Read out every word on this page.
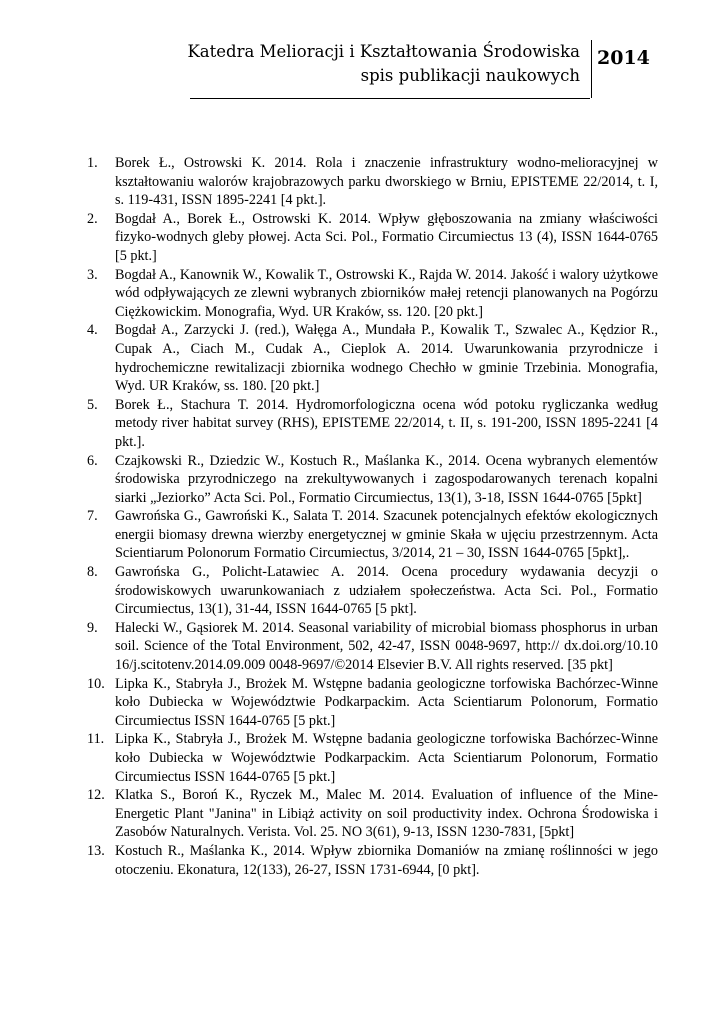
Katedra Melioracji i Kształtowania Środowiska
spis publikacji naukowych
2014
1.	Borek Ł., Ostrowski K. 2014. Rola i znaczenie infrastruktury wodno-melioracyjnej w kształtowaniu walorów krajobrazowych parku dworskiego w Brniu, EPISTEME 22/2014, t. I, s. 119-431, ISSN 1895-2241 [4 pkt.].
2.	Bogdał A., Borek Ł., Ostrowski K. 2014. Wpływ głęboszowania na zmiany właściwości fizyko-wodnych gleby płowej. Acta Sci. Pol., Formatio Circumiectus 13 (4), ISSN 1644-0765 [5 pkt.]
3.	Bogdał A., Kanownik W., Kowalik T., Ostrowski K., Rajda W. 2014. Jakość i walory użytkowe wód odpływających ze zlewni wybranych zbiorników małej retencji planowanych na Pogórzu Ciężkowickim. Monografia, Wyd. UR Kraków, ss. 120. [20 pkt.]
4.	Bogdał A., Zarzycki J. (red.), Wałęga A., Mundała P., Kowalik T., Szwalec A., Kędzior R., Cupak A., Ciach M., Cudak A., Cieplok A. 2014. Uwarunkowania przyrodnicze i hydrochemiczne rewitalizacji zbiornika wodnego Chechło w gminie Trzebinia. Monografia, Wyd. UR Kraków, ss. 180. [20 pkt.]
5.	Borek Ł., Stachura T. 2014. Hydromorfologiczna ocena wód potoku rygliczanka według metody river habitat survey (RHS), EPISTEME 22/2014, t. II, s. 191-200, ISSN 1895-2241 [4 pkt.].
6.	Czajkowski R., Dziedzic W., Kostuch R., Maślanka K., 2014. Ocena wybranych elementów środowiska przyrodniczego na zrekultywowanych i zagospodarowanych terenach kopalni siarki „Jeziorko” Acta Sci. Pol., Formatio Circumiectus, 13(1), 3-18, ISSN 1644-0765 [5pkt]
7.	Gawrońska G., Gawroński K., Salata T. 2014. Szacunek potencjalnych efektów ekologicznych energii biomasy drewna wierzby energetycznej w gminie Skała w ujęciu przestrzennym. Acta Scientiarum Polonorum Formatio Circumiectus, 3/2014, 21 – 30, ISSN 1644-0765 [5pkt],.
8.	Gawrońska G., Policht-Latawiec A. 2014. Ocena procedury wydawania decyzji o środowiskowych uwarunkowaniach z udziałem społeczeństwa. Acta Sci. Pol., Formatio Circumiectus, 13(1), 31-44, ISSN 1644-0765 [5 pkt].
9.	Halecki W., Gąsiorek M. 2014. Seasonal variability of microbial biomass phosphorus in urban soil. Science of the Total Environment, 502, 42-47, ISSN 0048-9697, http:// dx.doi.org/10.10 16/j.scitotenv.2014.09.009 0048-9697/©2014 Elsevier B.V. All rights reserved. [35 pkt]
10. Lipka K., Stabryła J., Brożek M. Wstępne badania geologiczne torfowiska Bachórzec-Winne koło Dubiecka w Województwie Podkarpackim. Acta Scientiarum Polonorum, Formatio Circumiectus ISSN 1644-0765 [5 pkt.]
11. Lipka K., Stabryła J., Brożek M. Wstępne badania geologiczne torfowiska Bachórzec-Winne koło Dubiecka w Województwie Podkarpackim. Acta Scientiarum Polonorum, Formatio Circumiectus ISSN 1644-0765 [5 pkt.]
12. Klatka S., Boroń K., Ryczek M., Malec M. 2014. Evaluation of influence of the Mine-Energetic Plant "Janina" in Libiąż activity on soil productivity index. Ochrona Środowiska i Zasobów Naturalnych. Verista. Vol. 25. NO 3(61), 9-13, ISSN 1230-7831, [5pkt]
13. Kostuch R., Maślanka K., 2014. Wpływ zbiornika Domaniów na zmianę roślinności w jego otoczeniu. Ekonatura, 12(133), 26-27, ISSN 1731-6944, [0 pkt].
